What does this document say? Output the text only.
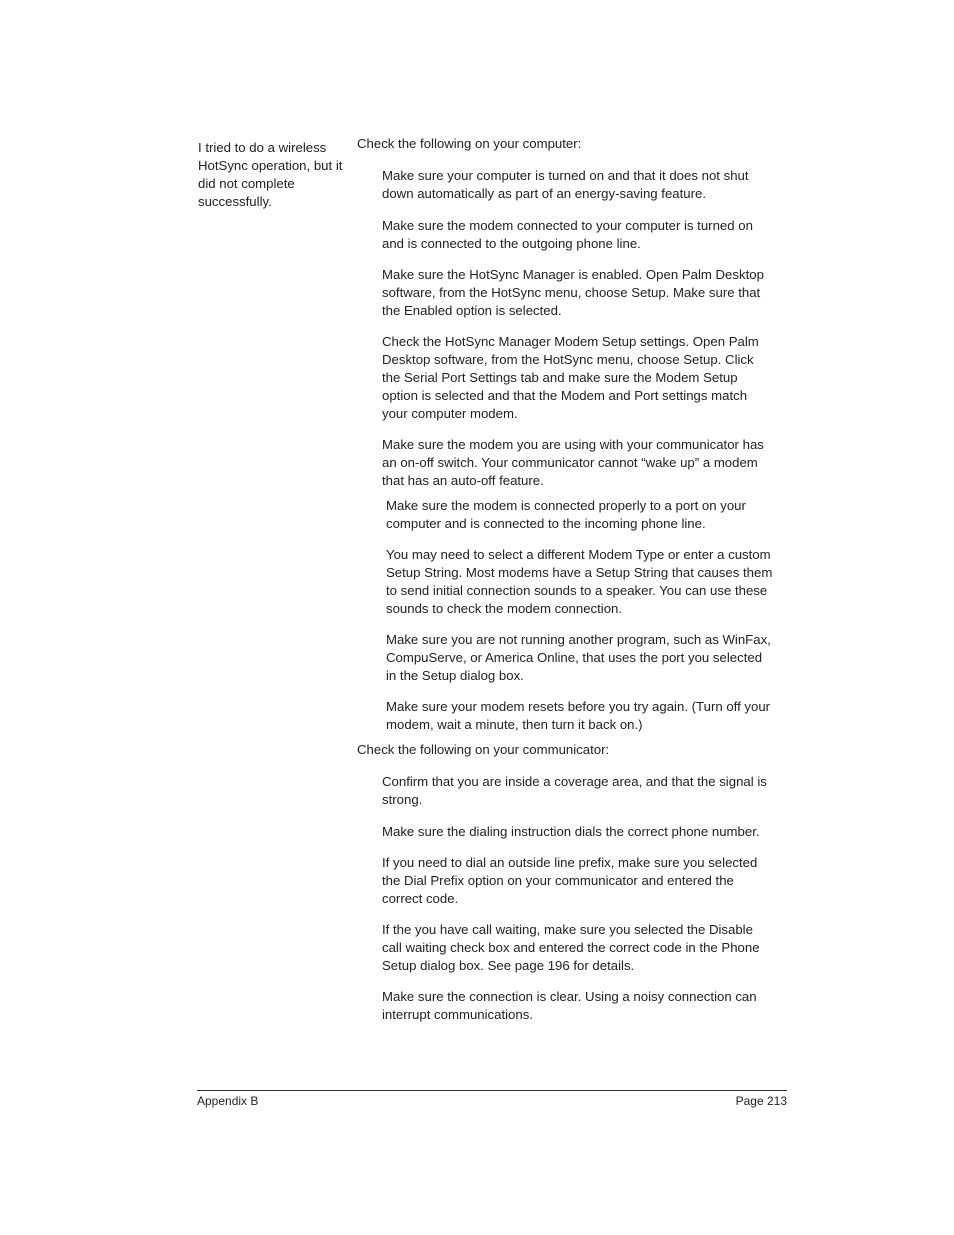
I tried to do a wireless HotSync operation, but it did not complete successfully.
Check the following on your computer:
Make sure your computer is turned on and that it does not shut down automatically as part of an energy-saving feature.
Make sure the modem connected to your computer is turned on and is connected to the outgoing phone line.
Make sure the HotSync Manager is enabled. Open Palm Desktop software, from the HotSync menu, choose Setup. Make sure that the Enabled option is selected.
Check the HotSync Manager Modem Setup settings. Open Palm Desktop software, from the HotSync menu, choose Setup. Click the Serial Port Settings tab and make sure the Modem Setup option is selected and that the Modem and Port settings match your computer modem.
Make sure the modem you are using with your communicator has an on-off switch. Your communicator cannot “wake up” a modem that has an auto-off feature.
Make sure the modem is connected properly to a port on your computer and is connected to the incoming phone line.
You may need to select a different Modem Type or enter a custom Setup String. Most modems have a Setup String that causes them to send initial connection sounds to a speaker. You can use these sounds to check the modem connection.
Make sure you are not running another program, such as WinFax, CompuServe, or America Online, that uses the port you selected in the Setup dialog box.
Make sure your modem resets before you try again. (Turn off your modem, wait a minute, then turn it back on.)
Check the following on your communicator:
Confirm that you are inside a coverage area, and that the signal is strong.
Make sure the dialing instruction dials the correct phone number.
If you need to dial an outside line prefix, make sure you selected the Dial Prefix option on your communicator and entered the correct code.
If the you have call waiting, make sure you selected the Disable call waiting check box and entered the correct code in the Phone Setup dialog box. See page 196 for details.
Make sure the connection is clear. Using a noisy connection can interrupt communications.
Appendix B	Page 213
